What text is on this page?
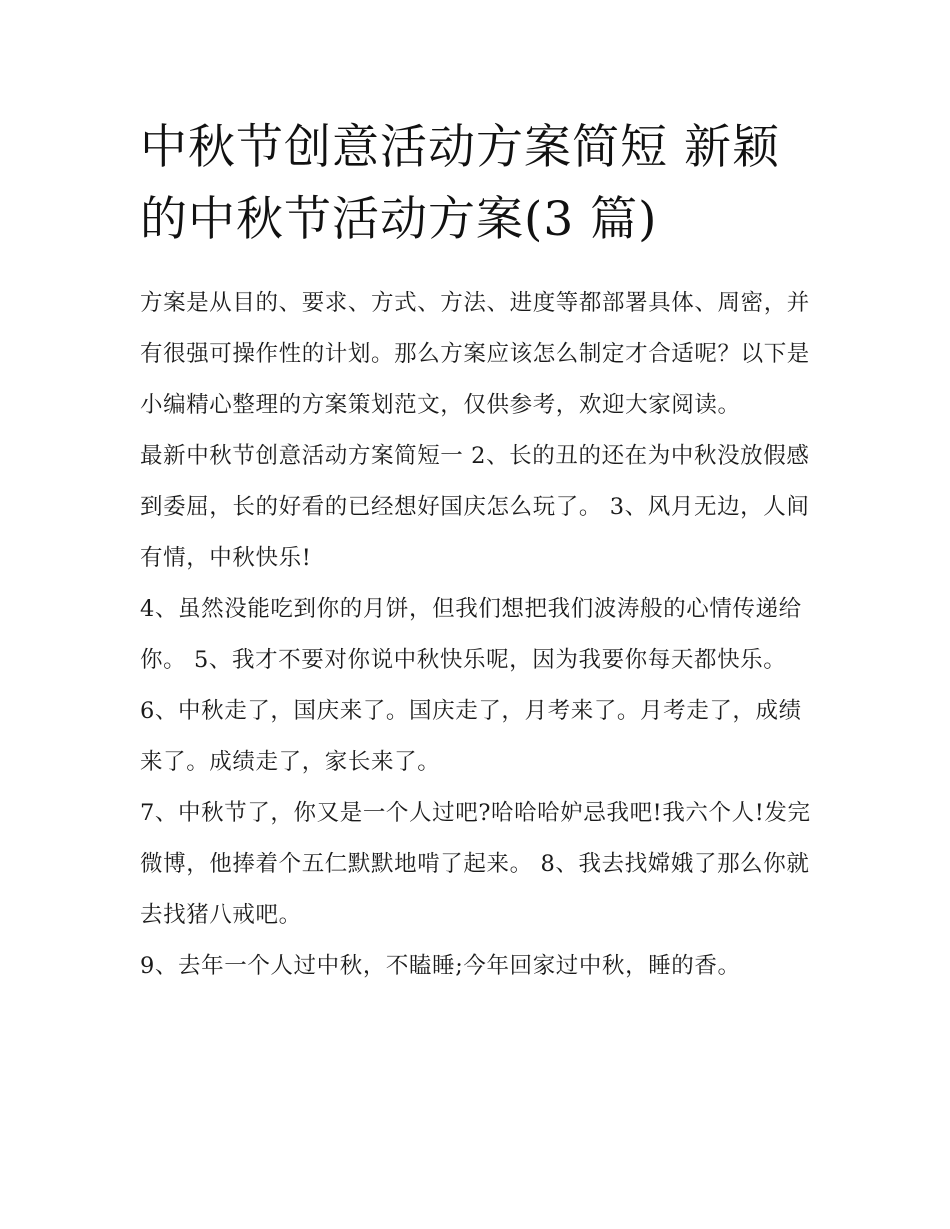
中秋节创意活动方案简短 新颖的中秋节活动方案(3 篇)

方案是从目的、要求、方式、方法、进度等都部署具体、周密，并有很强可操作性的计划。那么方案应该怎么制定才合适呢？以下是小编精心整理的方案策划范文，仅供参考，欢迎大家阅读。

最新中秋节创意活动方案简短一 2、长的丑的还在为中秋没放假感到委屈，长的好看的已经想好国庆怎么玩了。 3、风月无边，人间有情，中秋快乐!

4、虽然没能吃到你的月饼，但我们想把我们波涛般的心情传递给你。 5、我才不要对你说中秋快乐呢，因为我要你每天都快乐。

6、中秋走了，国庆来了。国庆走了，月考来了。月考走了，成绩来了。成绩走了，家长来了。

7、中秋节了，你又是一个人过吧?哈哈哈妒忌我吧!我六个人!发完微博，他捧着个五仁默默地啃了起来。 8、我去找嫦娥了那么你就去找猪八戒吧。

9、去年一个人过中秋，不瞌睡;今年回家过中秋，睡的香。
